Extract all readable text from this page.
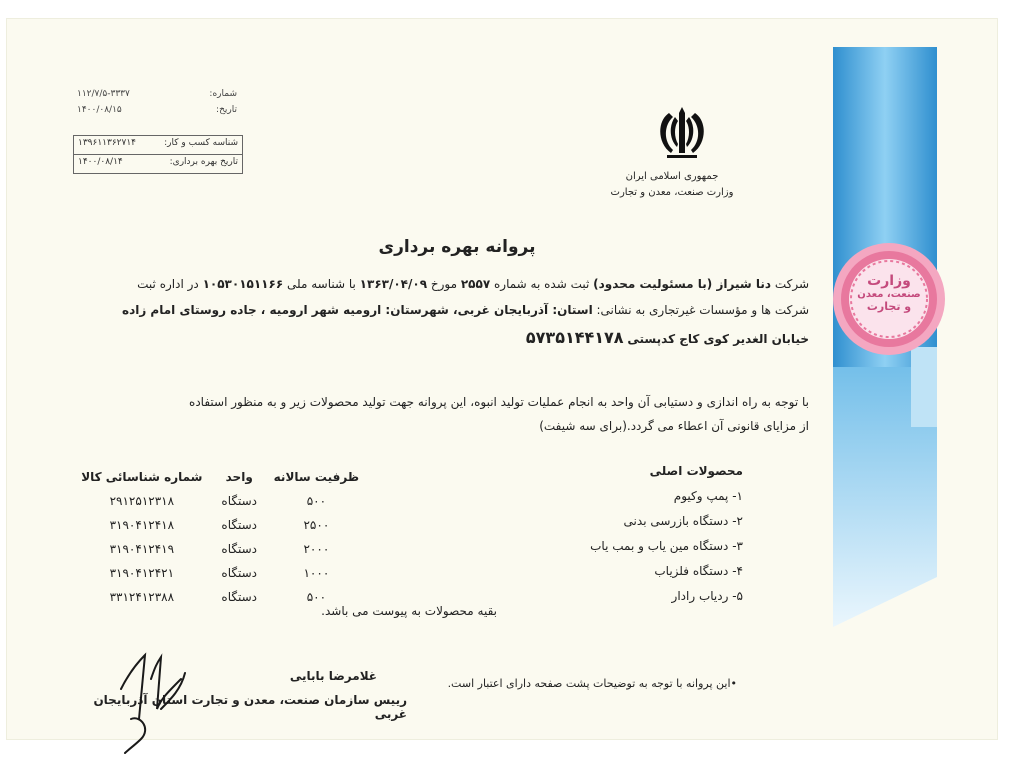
شماره:
۱۱۲/۷/۵-۳۳۳۷
تاریخ:
۱۴۰۰/۰۸/۱۵
شناسه کسب و کار:
۱۳۹۶۱۱۳۶۲۷۱۴
تاریخ بهره برداری:
۱۴۰۰/۰۸/۱۴
جمهوری اسلامی ایران
وزارت صنعت، معدن و تجارت
وزارت
صنعت، معدن
و تجارت
پروانه بهره برداری
شرکت دنا شیراز (با مسئولیت محدود) ثبت شده به شماره ۲۵۵۷ مورخ ۱۳۶۳/۰۴/۰۹ با شناسه ملی ۱۰۵۳۰۱۵۱۱۶۶ در اداره ثبت
شرکت ها و مؤسسات غیرتجاری به نشانی: استان: آذربایجان غربی، شهرستان: ارومیه شهر ارومیه ، جاده روستای امام زاده
خیابان الغدیر کوی کاج کدپستی ۵۷۳۵۱۴۴۱۷۸
با توجه به راه اندازی و دستیابی آن واحد به انجام عملیات تولید انبوه، این پروانه جهت تولید محصولات زیر و به منظور استفاده
از مزایای قانونی آن اعطاء می گردد.(برای سه شیفت)
محصولات اصلی
۱- پمپ وکیوم
۲- دستگاه بازرسی بدنی
۳- دستگاه مین یاب و بمب یاب
۴- دستگاه فلزیاب
۵- ردیاب رادار
ظرفیت سالانه	واحد	شماره شناسائی کالا
۵۰۰	دستگاه	۲۹۱۲۵۱۲۳۱۸
۲۵۰۰	دستگاه	۳۱۹۰۴۱۲۴۱۸
۲۰۰۰	دستگاه	۳۱۹۰۴۱۲۴۱۹
۱۰۰۰	دستگاه	۳۱۹۰۴۱۲۴۲۱
۵۰۰	دستگاه	۳۳۱۲۴۱۲۳۸۸
بقیه محصولات به پیوست می باشد.
•این پروانه با توجه به توضیحات پشت صفحه دارای اعتبار است.
غلامرضا بابایی
رییس سازمان صنعت، معدن و تجارت استان آذربایجان غربی
